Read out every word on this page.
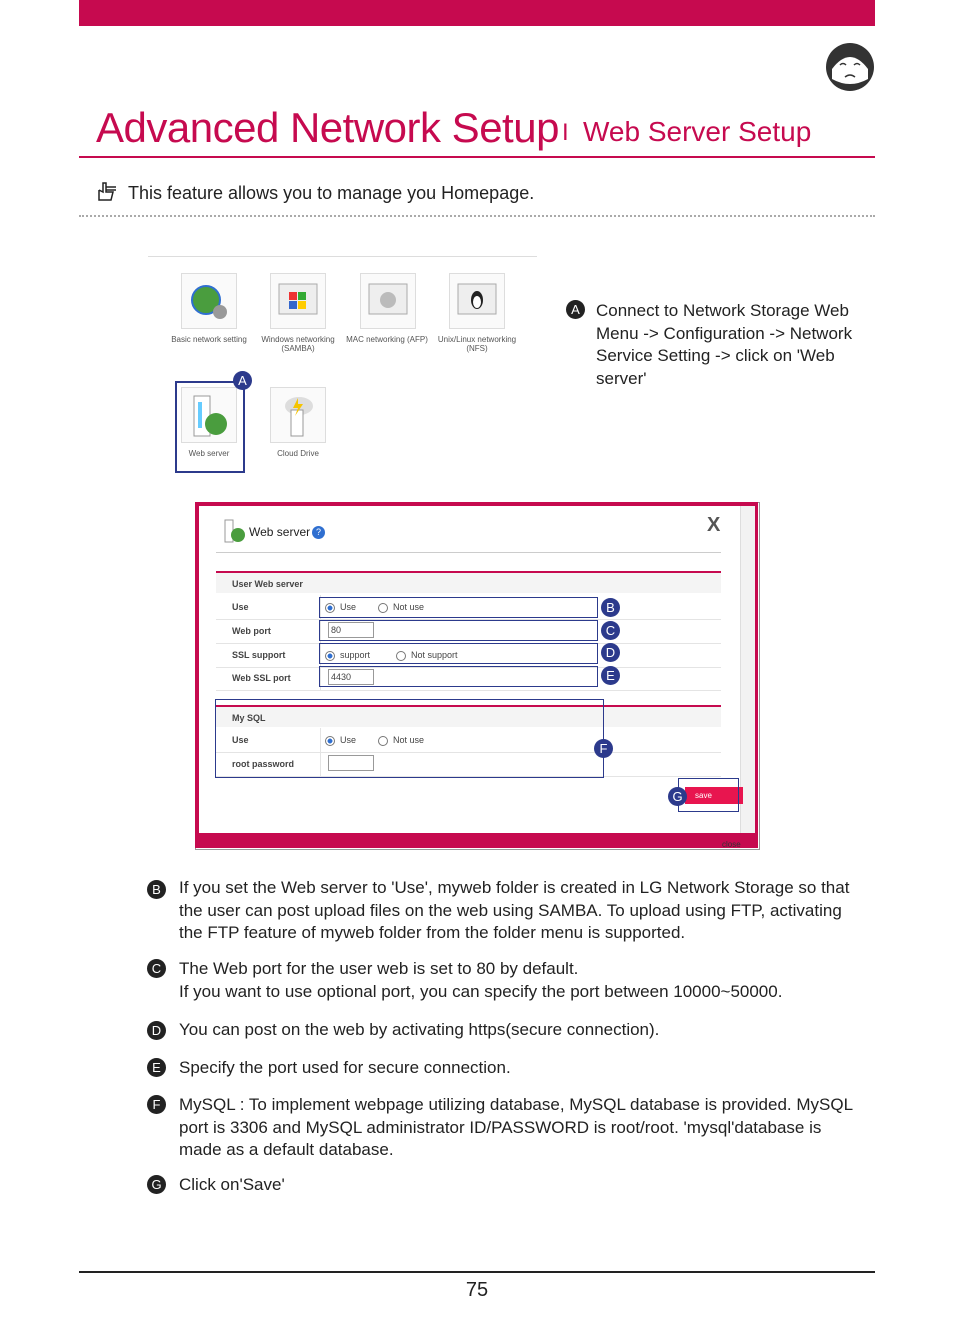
Advanced Network Setup I Web Server Setup
This feature allows you to manage you Homepage.
Basic network setting	Windows networking (SAMBA)
MAC networking (AFP)	Unix/Linux networking (NFS)
Web server	Cloud Drive
A
A Connect to Network Storage Web Menu -> Configuration -> Network Service Setting -> click on 'Web server'
close
Web server ?	X
User Web server
Use	Use	Not use
Web port	80
SSL support	support	Not support
Web SSL port	4430
B
C
D
E
My SQL
Use	Use	Not use
root password
F
save
G
B	If you set the Web server to 'Use', myweb folder is created in LG Network Storage so that the user can post upload files on the web using SAMBA. To upload using FTP, activating the FTP feature of myweb folder from the folder menu is supported.
C The Web port for the user web is set to 80 by default.
If you want to use optional port, you can specify the port between 10000~50000.
D You can post on the web by activating https(secure connection).
E	Specify the port used for secure connection.
F	MySQL : To implement webpage utilizing database, MySQL database is provided. MySQL port is 3306 and MySQL administrator ID/PASSWORD is root/root. 'mysql'database is made as a default database.
G Click on'Save'
75
